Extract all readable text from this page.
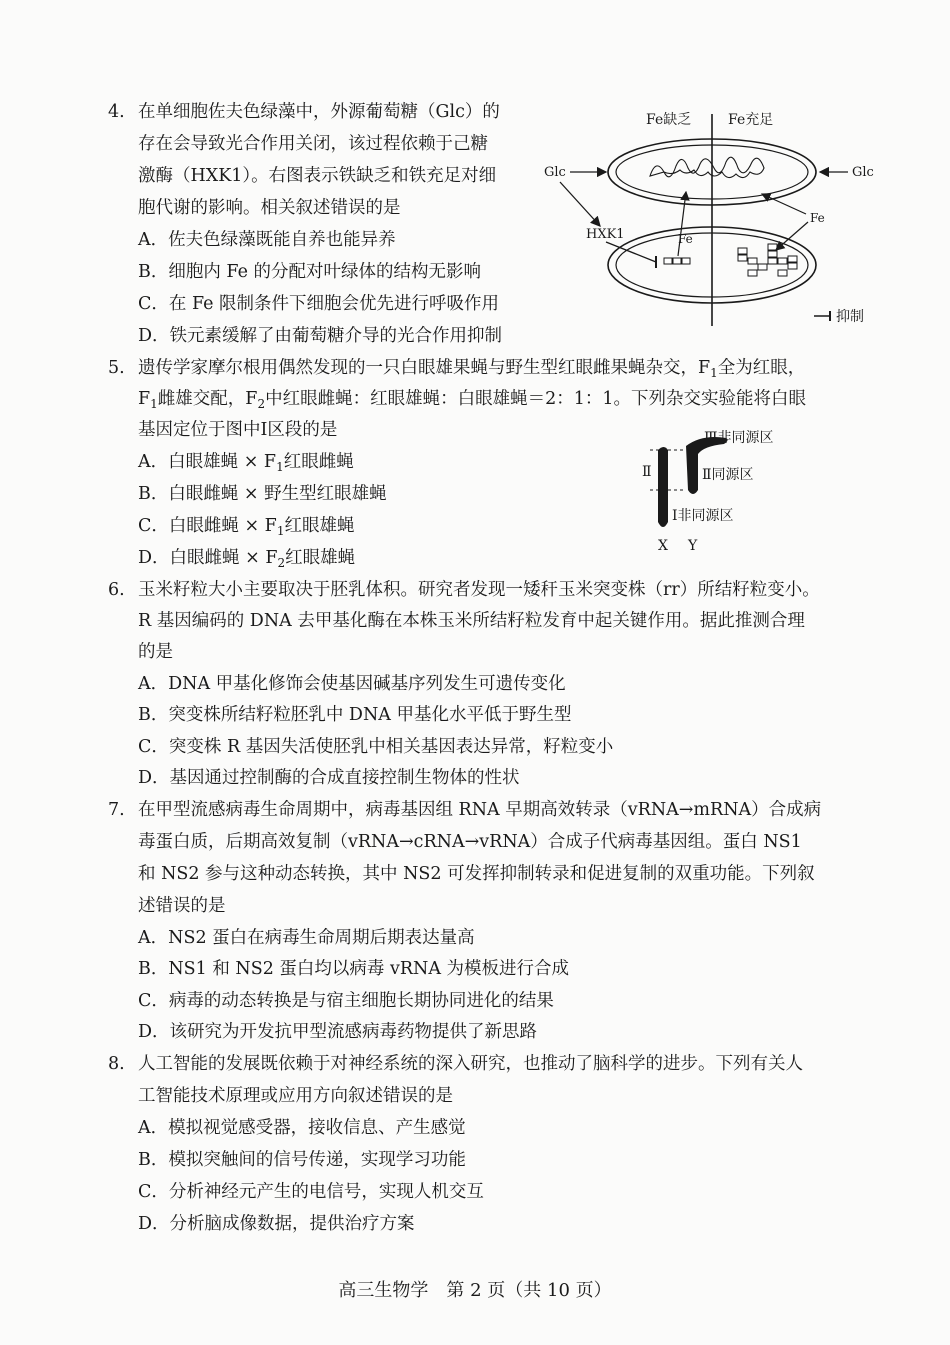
4. 在单细胞佐夫色绿藻中，外源葡萄糖（Glc）的
存在会导致光合作用关闭，该过程依赖于己糖
激酶（HXK1）。右图表示铁缺乏和铁充足对细
胞代谢的影响。相关叙述错误的是
A．佐夫色绿藻既能自养也能异养
B．细胞内 Fe 的分配对叶绿体的结构无影响
C．在 Fe 限制条件下细胞会优先进行呼吸作用
D．铁元素缓解了由葡萄糖介导的光合作用抑制
Fe缺乏	Fe充足
Glc	Glc
HXK1	Fe
Fe
抑制
5. 遗传学家摩尔根用偶然发现的一只白眼雄果蝇与野生型红眼雌果蝇杂交，$F_1$全为红眼，
$F_1$雌雄交配，$F_2$中红眼雌蝇：红眼雄蝇：白眼雄蝇＝2：1：1。下列杂交实验能将白眼
基因定位于图中Ⅰ区段的是
A．白眼雄蝇 × $F_1$红眼雌蝇
B．白眼雌蝇 × 野生型红眼雄蝇
C．白眼雌蝇 × $F_1$红眼雄蝇
D．白眼雌蝇 × $F_2$红眼雄蝇
Ⅲ非同源区
Ⅱ同源区
Ⅰ非同源区
Ⅱ
X Y
6. 玉米籽粒大小主要取决于胚乳体积。研究者发现一矮秆玉米突变株（rr）所结籽粒变小。
R 基因编码的 DNA 去甲基化酶在本株玉米所结籽粒发育中起关键作用。据此推测合理
的是
A．DNA 甲基化修饰会使基因碱基序列发生可遗传变化
B．突变株所结籽粒胚乳中 DNA 甲基化水平低于野生型
C．突变株 R 基因失活使胚乳中相关基因表达异常，籽粒变小
D．基因通过控制酶的合成直接控制生物体的性状
7. 在甲型流感病毒生命周期中，病毒基因组 RNA 早期高效转录（vRNA→mRNA）合成病
毒蛋白质，后期高效复制（vRNA→cRNA→vRNA）合成子代病毒基因组。蛋白 NS1
和 NS2 参与这种动态转换，其中 NS2 可发挥抑制转录和促进复制的双重功能。下列叙
述错误的是
A．NS2 蛋白在病毒生命周期后期表达量高
B．NS1 和 NS2 蛋白均以病毒 vRNA 为模板进行合成
C．病毒的动态转换是与宿主细胞长期协同进化的结果
D．该研究为开发抗甲型流感病毒药物提供了新思路
8. 人工智能的发展既依赖于对神经系统的深入研究，也推动了脑科学的进步。下列有关人
工智能技术原理或应用方向叙述错误的是
A．模拟视觉感受器，接收信息、产生感觉
B．模拟突触间的信号传递，实现学习功能
C．分析神经元产生的电信号，实现人机交互
D．分析脑成像数据，提供治疗方案
高三生物学　第 2 页（共 10 页）
